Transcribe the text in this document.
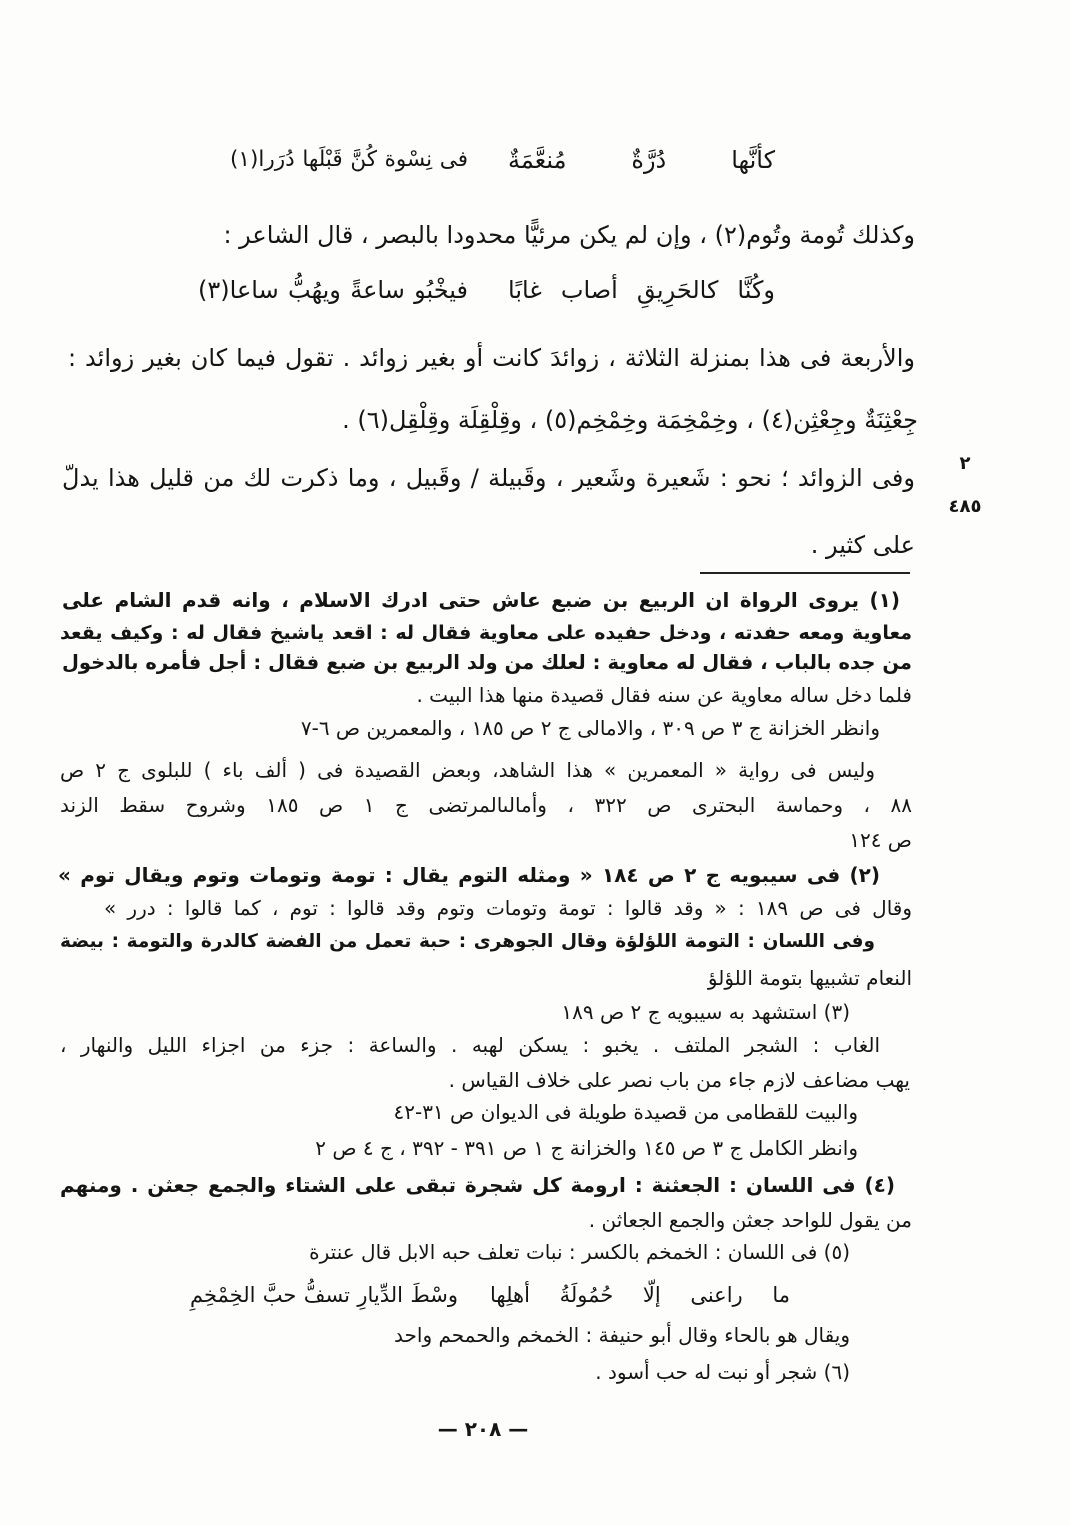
كأنَّها دُرَّةٌ مُنعَّمَةٌ
فى نِسْوة كُنَّ قَبْلَها دُرَرا(١)
وكذلك تُومة وتُوم(٢) ، وإن لم يكن مرئيًّا محدودا بالبصر ، قال الشاعر :
وكُنَّا كالحَرِيقِ أصاب غابًا
فيخْبُو ساعةً ويهُبُّ ساعا(٣)
والأربعة فى هذا بمنزلة الثلاثة ، زوائدَ كانت أو بغير زوائد . تقول فيما كان بغير زوائد :
جِعْثِنَةٌ وجِعْثِن(٤) ، وخِمْخِمَة وخِمْخِم(٥) ، وقِلْقِلَة وقِلْقِل(٦) .
وفى الزوائد ؛ نحو : شَعيرة وشَعير ، وقَبيلة / وقَبيل ، وما ذكرت لك من قليل هذا يدلّ
على كثير .
٢
٤٨٥
(١) يروى الرواة ان الربيع بن ضبع عاش حتى ادرك الاسلام ، وانه قدم الشام على
معاوية ومعه حفدته ، ودخل حفيده على معاوية فقال له : اقعد ياشيخ فقال له : وكيف يقعد
من جده بالباب ، فقال له معاوية : لعلك من ولد الربيع بن ضبع فقال : أجل فأمره بالدخول
فلما دخل ساله معاوية عن سنه فقال قصيدة منها هذا البيت .
وانظر الخزانة ج ٣ ص ٣٠٩ ، والامالى ج ٢ ص ١٨٥ ، والمعمرين ص ٦-٧
وليس فى رواية « المعمرين » هذا الشاهد، وبعض القصيدة فى ( ألف باء ) للبلوى ج ٢ ص
٨٨ ، وحماسة البحترى ص ٣٢٢ ، وأمالىالمرتضى ج ١ ص ١٨٥ وشروح سقط الزند
ص ١٢٤
(٢) فى سيبويه ج ٢ ص ١٨٤ « ومثله التوم يقال : تومة وتومات وتوم ويقال توم »
وقال فى ص ١٨٩ : « وقد قالوا : تومة وتومات وتوم وقد قالوا : توم ، كما قالوا : درر »
وفى اللسان : التومة اللؤلؤة وقال الجوهرى : حبة تعمل من الفضة كالدرة والتومة : بيضة
النعام تشبيها بتومة اللؤلؤ
(٣) استشهد به سيبويه ج ٢ ص ١٨٩
الغاب : الشجر الملتف . يخبو : يسكن لهبه . والساعة : جزء من اجزاء الليل والنهار ،
يهب مضاعف لازم جاء من باب نصر على خلاف القياس .
والبيت للقطامى من قصيدة طويلة فى الديوان ص ٣١-٤٢
وانظر الكامل ج ٣ ص ١٤٥ والخزانة ج ١ ص ٣٩١ - ٣٩٢ ، ج ٤ ص ٢
(٤) فى اللسان : الجعثنة : ارومة كل شجرة تبقى على الشتاء والجمع جعثن . ومنهم
من يقول للواحد جعثن والجمع الجعاثن .
(٥) فى اللسان : الخمخم بالكسر : نبات تعلف حبه الابل قال عنترة
ما راعنى إلّا حُمُولَةُ أهلِها
وسْطَ الدِّيارِ تسفُّ حبَّ الخِمْخِمِ
ويقال هو بالحاء وقال أبو حنيفة : الخمخم والحمحم واحد
(٦) شجر أو نبت له حب أسود .
— ٢٠٨ —
